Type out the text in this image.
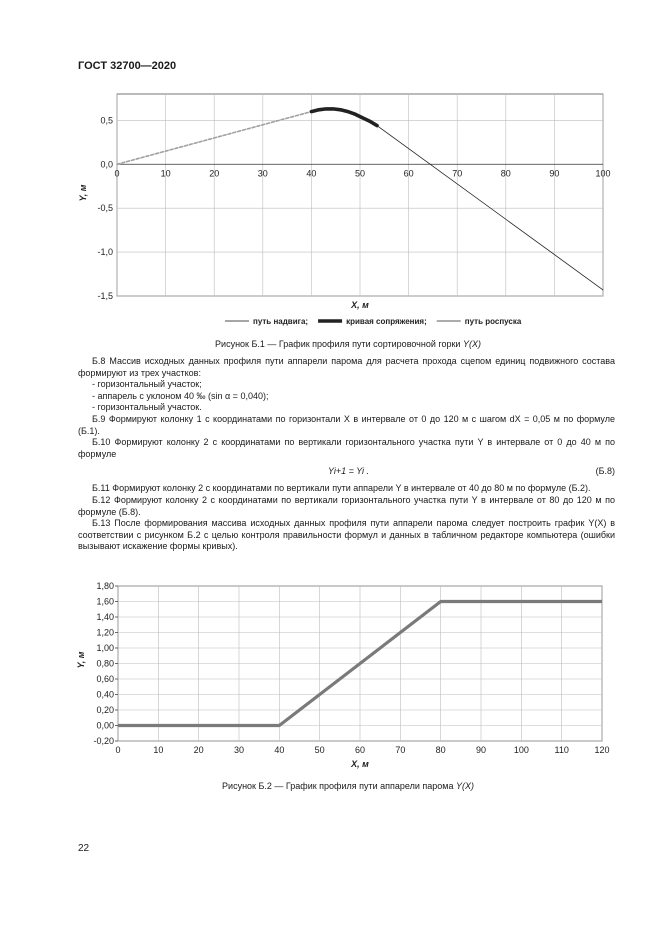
ГОСТ 32700—2020
0	10	20	30	40	50	60	70	80	90	100
0,5
0,0
-0,5
-1,0
-1,5
Y, м
X, м
путь надвига;	кривая сопряжения;	путь роспуска
Рисунок Б.1 — График профиля пути сортировочной горки Y(X)

Б.8 Массив исходных данных профиля пути аппарели парома для расчета прохода сцепом единиц подвижного состава формируют из трех участков:

- горизонтальный участок;

- аппарель с уклоном 40 ‰ (sin α = 0,040);

- горизонтальный участок.

Б.9 Формируют колонку 1 с координатами по горизонтали X в интервале от 0 до 120 м с шагом dX = 0,05 м по формуле (Б.1).

Б.10 Формируют колонку 2 с координатами по вертикали горизонтального участка пути Y в интервале от 0 до 40 м по формуле

Yi+1 = Yi .	(Б.8)

Б.11 Формируют колонку 2 с координатами по вертикали пути аппарели Y в интервале от 40 до 80 м по формуле (Б.2).

Б.12 Формируют колонку 2 с координатами по вертикали горизонтального участка пути Y в интервале от 80 до 120 м по формуле (Б.8).

Б.13 После формирования массива исходных данных профиля пути аппарели парома следует построить график Y(X) в соответствии с рисунком Б.2 с целью контроля правильности формул и данных в табличном редакторе компьютера (ошибки вызывают искажение формы кривых).

0	10	20	30	40	50	60	70	80	90	100	110	120
1,80
1,60
1,40
1,20
1,00
0,80
0,60
0,40
0,20
0,00
-0,20
Y, м
X, м
Рисунок Б.2 — График профиля пути аппарели парома Y(X)
22
